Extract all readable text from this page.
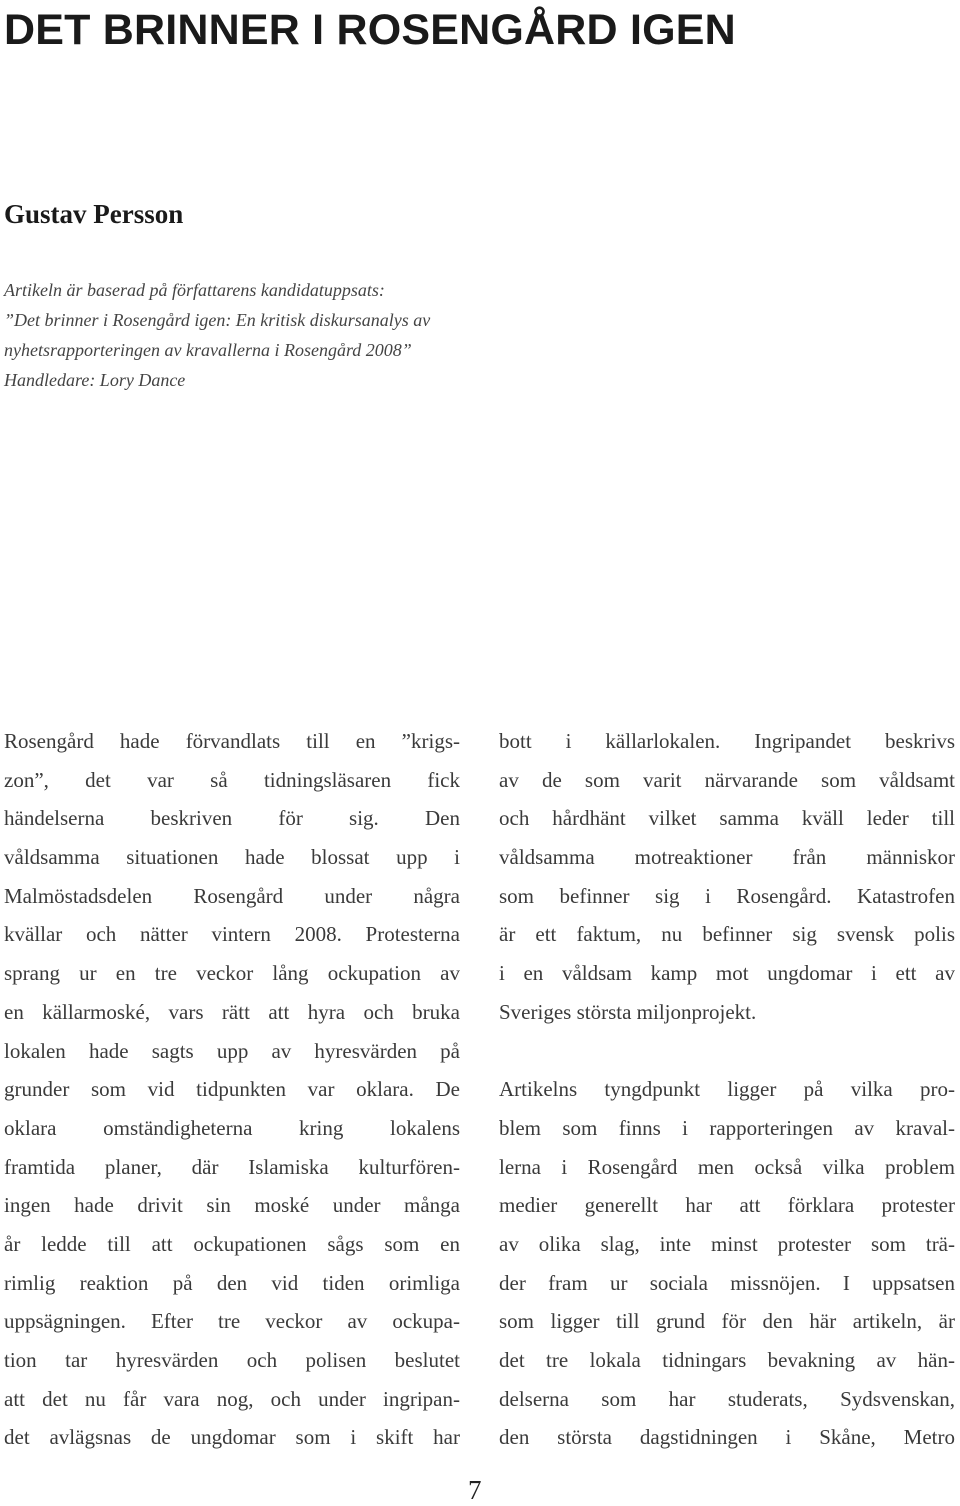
DET BRINNER I ROSENGÅRD IGEN
Gustav Persson
Artikeln är baserad på författarens kandidatuppsats:
”Det brinner i Rosengård igen: En kritisk diskursanalys av
nyhetsrapporteringen av kravallerna i Rosengård 2008”
Handledare: Lory Dance
Rosengård hade förvandlats till en ”krigs-
zon”, det var så tidningsläsaren fick
händelserna beskriven för sig. Den
våldsamma situationen hade blossat upp i
Malmöstadsdelen Rosengård under några
kvällar och nätter vintern 2008. Protesterna
sprang ur en tre veckor lång ockupation av
en källarmoské, vars rätt att hyra och bruka
lokalen hade sagts upp av hyresvärden på
grunder som vid tidpunkten var oklara. De
oklara omständigheterna kring lokalens
framtida planer, där Islamiska kulturfören-
ingen hade drivit sin moské under många
år ledde till att ockupationen sågs som en
rimlig reaktion på den vid tiden orimliga
uppsägningen. Efter tre veckor av ockupa-
tion tar hyresvärden och polisen beslutet
att det nu får vara nog, och under ingripan-
det avlägsnas de ungdomar som i skift har
bott i källarlokalen. Ingripandet beskrivs
av de som varit närvarande som våldsamt
och hårdhänt vilket samma kväll leder till
våldsamma motreaktioner från människor
som befinner sig i Rosengård. Katastrofen
är ett faktum, nu befinner sig svensk polis
i en våldsam kamp mot ungdomar i ett av
Sveriges största miljonprojekt.
Artikelns tyngdpunkt ligger på vilka pro-
blem som finns i rapporteringen av kraval-
lerna i Rosengård men också vilka problem
medier generellt har att förklara protester
av olika slag, inte minst protester som trä-
der fram ur sociala missnöjen. I uppsatsen
som ligger till grund för den här artikeln, är
det tre lokala tidningars bevakning av hän-
delserna som har studerats, Sydsvenskan,
den största dagstidningen i Skåne, Metro
7
